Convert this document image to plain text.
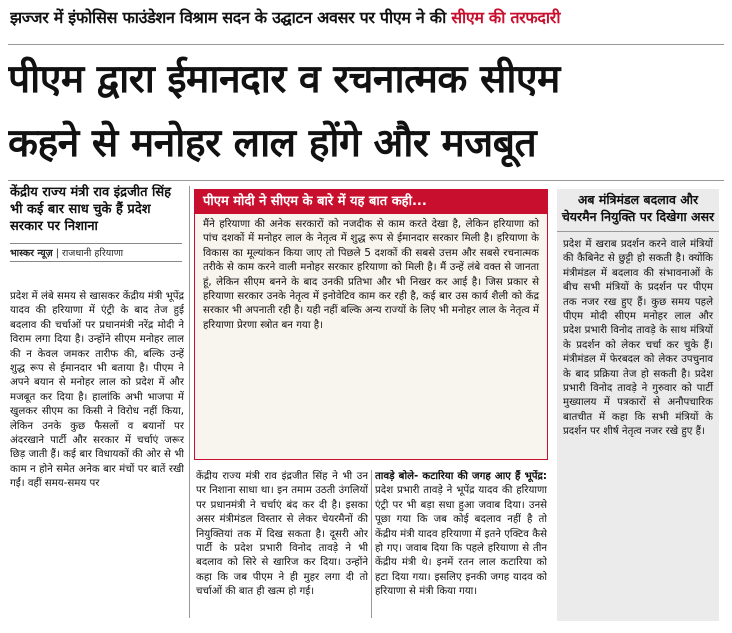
झज्जर में इंफोसिस फाउंडेशन विश्राम सदन के उद्घाटन अवसर पर पीएम ने की सीएम की तरफदारी
पीएम द्वारा ईमानदार व रचनात्मक सीएम
कहने से मनोहर लाल होंगे और मजबूत
केंद्रीय राज्य मंत्री राव इंद्रजीत सिंह भी कई बार साध चुके हैं प्रदेश सरकार पर निशाना
भास्कर न्यूज़ | राजधानी हरियाणा
प्रदेश में लंबे समय से खासकर केंद्रीय मंत्री भूपेंद्र यादव की हरियाणा में एंट्री के बाद तेज हुई बदलाव की चर्चाओं पर प्रधानमंत्री नरेंद्र मोदी ने विराम लगा दिया है। उन्होंने सीएम मनोहर लाल की न केवल जमकर तारीफ की, बल्कि उन्हें शुद्ध रूप से ईमानदार भी बताया है। पीएम ने अपने बयान से मनोहर लाल को प्रदेश में और मजबूत कर दिया है। हालांकि अभी भाजपा में खुलकर सीएम का किसी ने विरोध नहीं किया, लेकिन उनके कुछ फैसलों व बयानों पर अंदरखाने पार्टी और सरकार में चर्चाएं जरूर छिड़ जाती हैं। कई बार विधायकों की ओर से भी काम न होने समेत अनेक बार मंचों पर बातें रखी गईं। वहीं समय-समय पर
पीएम मोदी ने सीएम के बारे में यह बात कही...
मैंने हरियाणा की अनेक सरकारों को नजदीक से काम करते देखा है, लेकिन हरियाणा को पांच दशकों में मनोहर लाल के नेतृत्व में शुद्ध रूप से ईमानदार सरकार मिली है। हरियाणा के विकास का मूल्यांकन किया जाए तो पिछले 5 दशकों की सबसे उत्तम और सबसे रचनात्मक तरीके से काम करने वाली मनोहर सरकार हरियाणा को मिली है। मैं उन्हें लंबे वक्त से जानता हूं, लेकिन सीएम बनने के बाद उनकी प्रतिभा और भी निखर कर आई है। जिस प्रकार से हरियाणा सरकार उनके नेतृत्व में इनोवेटिव काम कर रही है, कई बार उस कार्य शैली को केंद्र सरकार भी अपनाती रही है। यही नहीं बल्कि अन्य राज्यों के लिए भी मनोहर लाल के नेतृत्व में हरियाणा प्रेरणा स्त्रोत बन गया है।
केंद्रीय राज्य मंत्री राव इंद्रजीत सिंह ने भी उन पर निशाना साधा था। इन तमाम उठती उंगलियों पर प्रधानमंत्री ने चर्चाएं बंद कर दी है। इसका असर मंत्रीमंडल विस्तार से लेकर चेयरमैनों की नियुक्तियां तक में दिख सकता है। दूसरी ओर पार्टी के प्रदेश प्रभारी विनोद तावड़े ने भी बदलाव को सिरे से खारिज कर दिया। उन्होंने कहा कि जब पीएम ने ही मुहर लगा दी तो चर्चाओं की बात ही खत्म हो गई।
तावड़े बोले- कटारिया की जगह आए हैं भूपेंद्र: प्रदेश प्रभारी तावड़े ने भूपेंद्र यादव की हरियाणा एंट्री पर भी बड़ा सधा हुआ जवाब दिया। उनसे पूछा गया कि जब कोई बदलाव नहीं है तो केंद्रीय मंत्री यादव हरियाणा में इतने एक्टिव कैसे हो गए। जवाब दिया कि पहले हरियाणा से तीन केंद्रीय मंत्री थे। इनमें रतन लाल कटारिया को हटा दिया गया। इसलिए इनकी जगह यादव को हरियाणा से मंत्री किया गया।
अब मंत्रिमंडल बदलाव और चेयरमैन नियुक्ति पर दिखेगा असर
प्रदेश में खराब प्रदर्शन करने वाले मंत्रियों की कैबिनेट से छुट्टी हो सकती है। क्योंकि मंत्रीमंडल में बदलाव की संभावनाओं के बीच सभी मंत्रियों के प्रदर्शन पर पीएम तक नजर रख हुए हैं। कुछ समय पहले पीएम मोदी सीएम मनोहर लाल और प्रदेश प्रभारी विनोद तावड़े के साथ मंत्रियों के प्रदर्शन को लेकर चर्चा कर चुके हैं। मंत्रीमंडल में फेरबदल को लेकर उपचुनाव के बाद प्रक्रिया तेज हो सकती है। प्रदेश प्रभारी विनोद तावड़े ने गुरुवार को पार्टी मुख्यालय में पत्रकारों से अनौपचारिक बातचीत में कहा कि सभी मंत्रियों के प्रदर्शन पर शीर्ष नेतृत्व नजर रखे हुए हैं।
